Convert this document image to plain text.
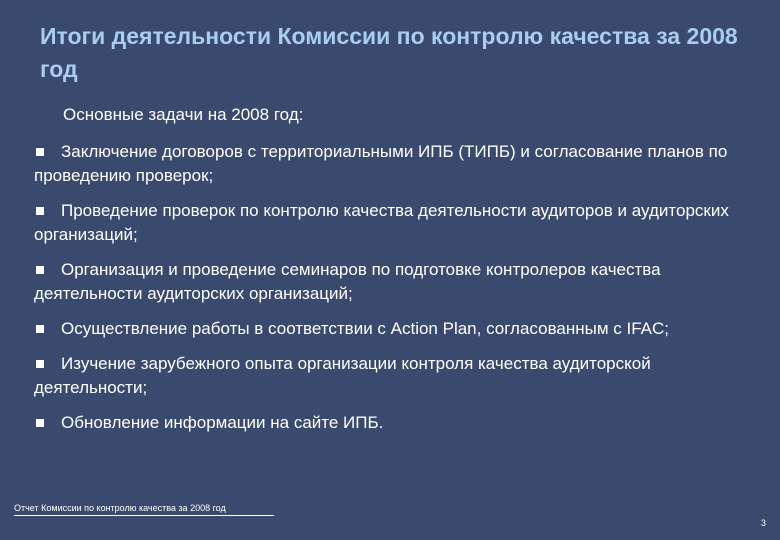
Итоги деятельности Комиссии по контролю качества за 2008 год
Основные задачи на 2008 год:
Заключение договоров с территориальными ИПБ (ТИПБ) и согласование планов по проведению проверок;
Проведение проверок по контролю качества деятельности аудиторов и аудиторских организаций;
Организация и проведение семинаров по подготовке контролеров качества деятельности аудиторских организаций;
Осуществление работы в соответствии с Action Plan, согласованным с IFAC;
Изучение зарубежного опыта организации контроля качества аудиторской деятельности;
Обновление информации на сайте ИПБ.
Отчет Комиссии по контролю качества за 2008 год
3
